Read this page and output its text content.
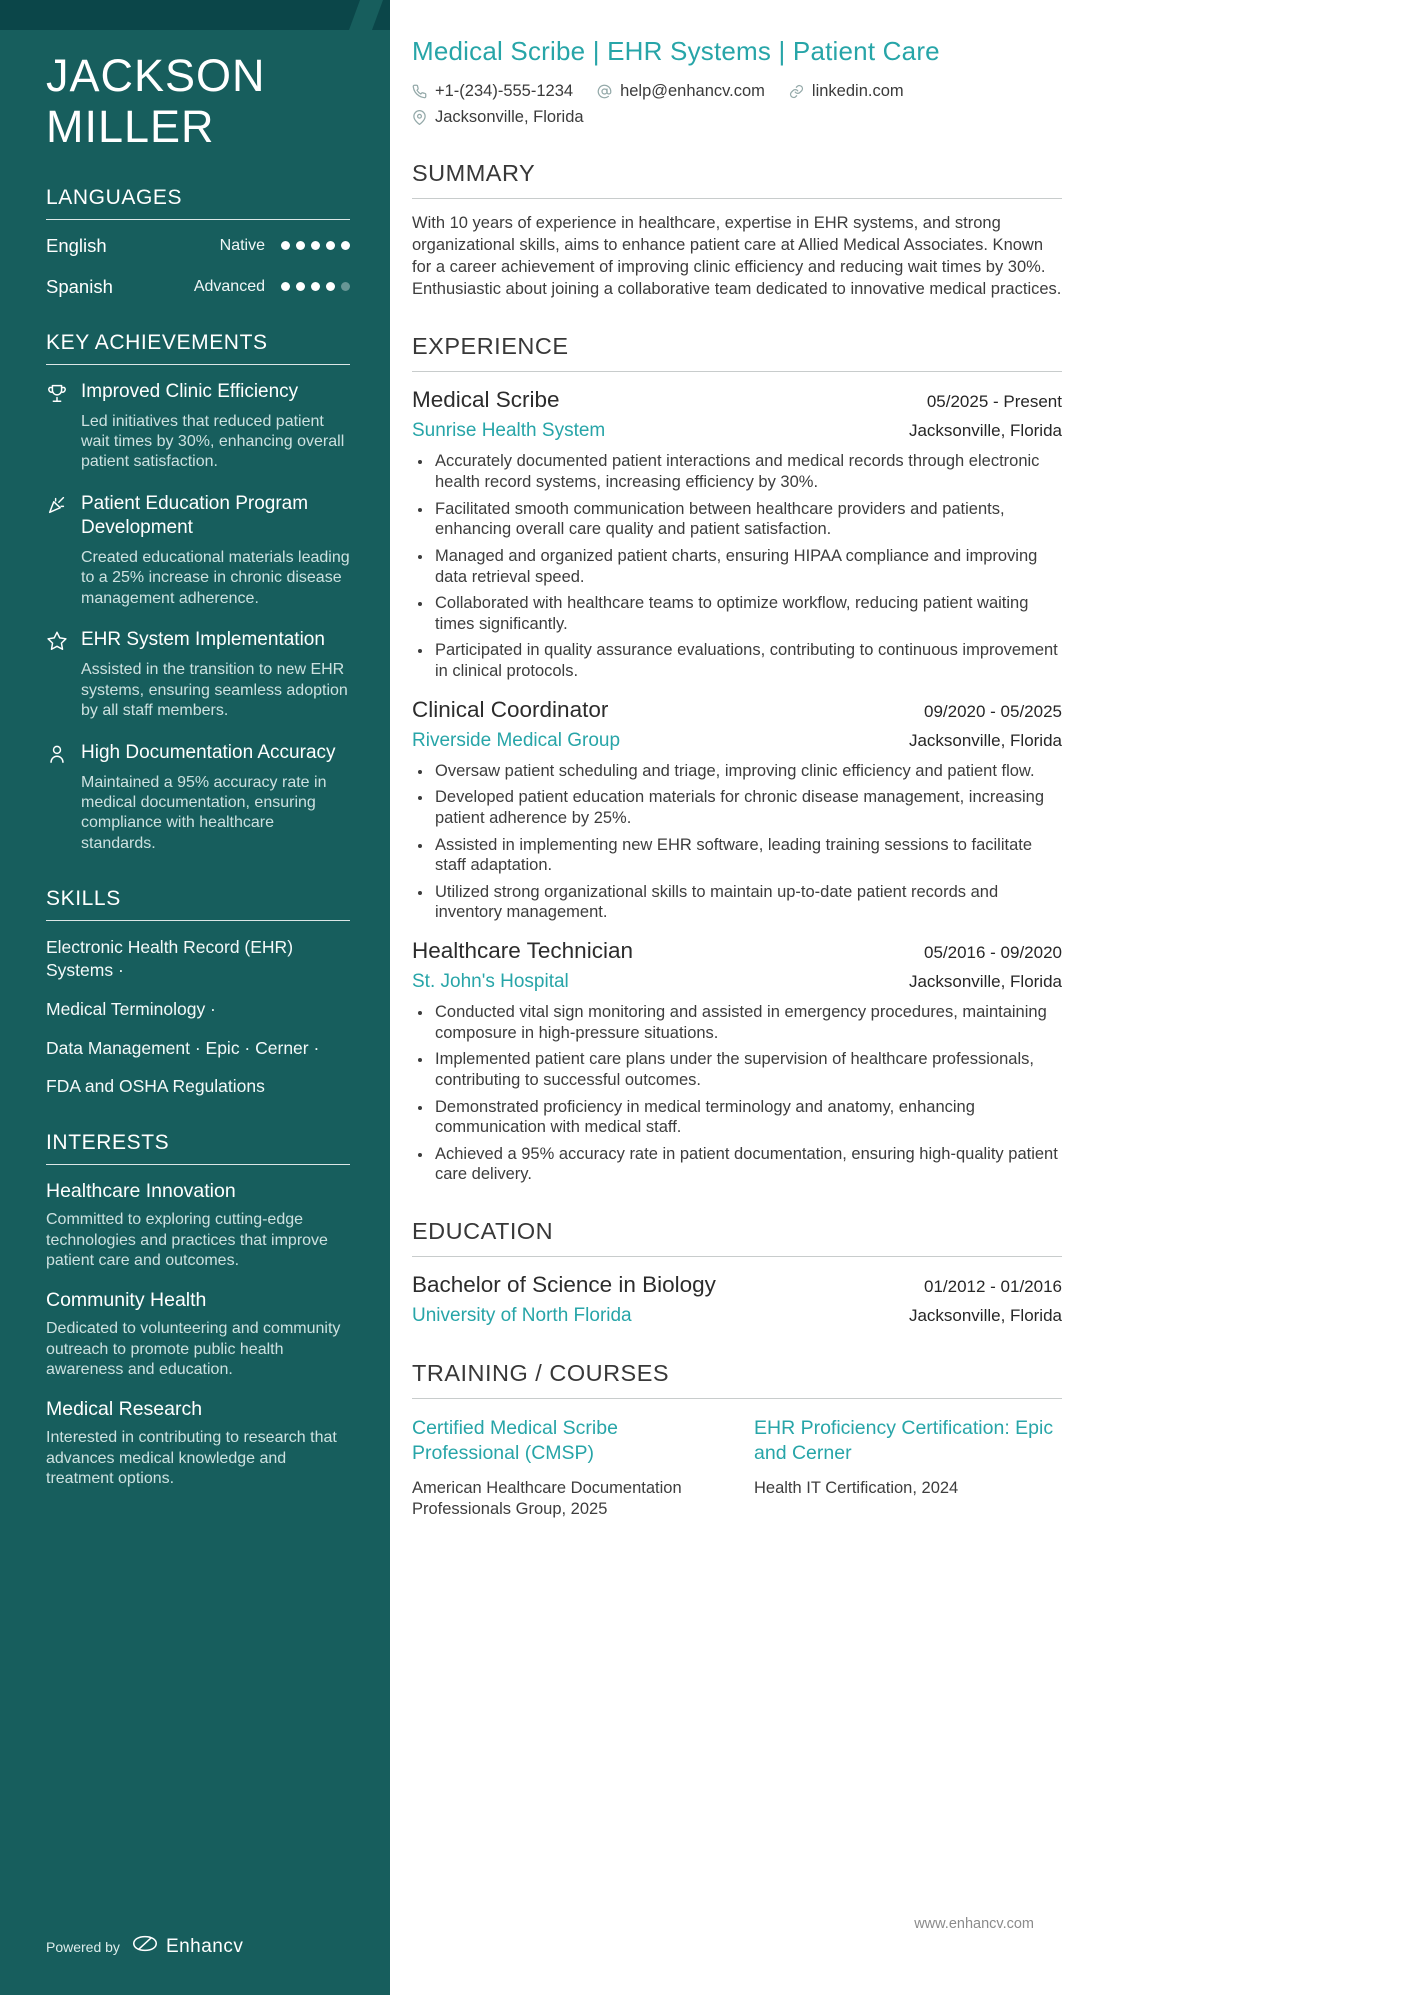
JACKSON
MILLER
LANGUAGES
English	Native
Spanish	Advanced
KEY ACHIEVEMENTS
Improved Clinic Efficiency
Led initiatives that reduced patient wait times by 30%, enhancing overall patient satisfaction.
Patient Education Program Development
Created educational materials leading to a 25% increase in chronic disease management adherence.
EHR System Implementation
Assisted in the transition to new EHR systems, ensuring seamless adoption by all staff members.
High Documentation Accuracy
Maintained a 95% accuracy rate in medical documentation, ensuring compliance with healthcare standards.
SKILLS
Electronic Health Record (EHR) Systems ·
Medical Terminology ·
Data Management · Epic · Cerner ·
FDA and OSHA Regulations
INTERESTS
Healthcare Innovation
Committed to exploring cutting-edge technologies and practices that improve patient care and outcomes.
Community Health
Dedicated to volunteering and community outreach to promote public health awareness and education.
Medical Research
Interested in contributing to research that advances medical knowledge and treatment options.
Powered by Enhancv
Medical Scribe | EHR Systems | Patient Care
+1-(234)-555-1234	help@enhancv.com	linkedin.com
Jacksonville, Florida
SUMMARY
With 10 years of experience in healthcare, expertise in EHR systems, and strong organizational skills, aims to enhance patient care at Allied Medical Associates. Known for a career achievement of improving clinic efficiency and reducing wait times by 30%. Enthusiastic about joining a collaborative team dedicated to innovative medical practices.
EXPERIENCE
Medical Scribe	05/2025 - Present
Sunrise Health System	Jacksonville, Florida
• Accurately documented patient interactions and medical records through electronic health record systems, increasing efficiency by 30%.
• Facilitated smooth communication between healthcare providers and patients, enhancing overall care quality and patient satisfaction.
• Managed and organized patient charts, ensuring HIPAA compliance and improving data retrieval speed.
• Collaborated with healthcare teams to optimize workflow, reducing patient waiting times significantly.
• Participated in quality assurance evaluations, contributing to continuous improvement in clinical protocols.
Clinical Coordinator	09/2020 - 05/2025
Riverside Medical Group	Jacksonville, Florida
• Oversaw patient scheduling and triage, improving clinic efficiency and patient flow.
• Developed patient education materials for chronic disease management, increasing patient adherence by 25%.
• Assisted in implementing new EHR software, leading training sessions to facilitate staff adaptation.
• Utilized strong organizational skills to maintain up-to-date patient records and inventory management.
Healthcare Technician	05/2016 - 09/2020
St. John's Hospital	Jacksonville, Florida
• Conducted vital sign monitoring and assisted in emergency procedures, maintaining composure in high-pressure situations.
• Implemented patient care plans under the supervision of healthcare professionals, contributing to successful outcomes.
• Demonstrated proficiency in medical terminology and anatomy, enhancing communication with medical staff.
• Achieved a 95% accuracy rate in patient documentation, ensuring high-quality patient care delivery.
EDUCATION
Bachelor of Science in Biology	01/2012 - 01/2016
University of North Florida	Jacksonville, Florida
TRAINING / COURSES
Certified Medical Scribe Professional (CMSP)
American Healthcare Documentation Professionals Group, 2025
EHR Proficiency Certification: Epic and Cerner
Health IT Certification, 2024
www.enhancv.com
